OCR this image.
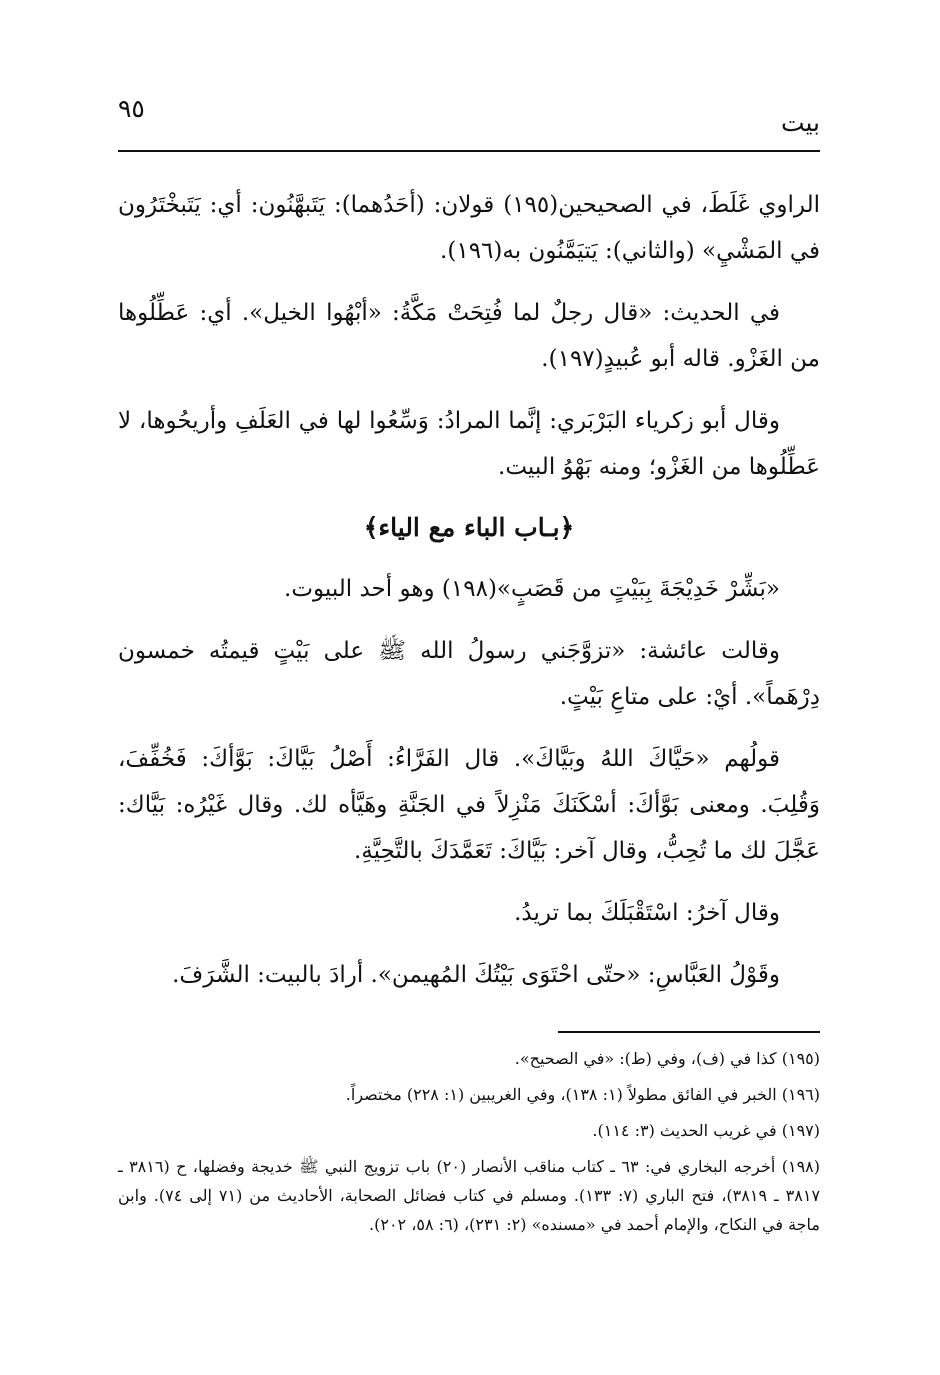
بيت
٩٥

الراوي غَلَطَ، في الصحيحين(١٩٥) قولان: (أحَدُهما): يَتَبهَّنُون: أي: يَتَبخْتَرُون في المَشْيِ» (والثاني): يَتيَمَّنُون به(١٩٦).

في الحديث: «قال رجلٌ لما فُتِحَتْ مَكَّةُ: «أبْهُوا الخيل». أي: عَطِّلُوها من الغَزْو. قاله أبو عُبيدٍ(١٩٧).

وقال أبو زكرياء البَرْبَري: إنَّما المرادُ: وَسِّعُوا لها في العَلَفِ وأريحُوها، لا عَطِّلُوها من الغَزْو؛ ومنه بَهْوُ البيت.

﴿بـاب الباء مع الياء﴾

«بَشِّرْ خَدِيْجَةَ بِبَيْتٍ من قَصَبٍ»(١٩٨) وهو أحد البيوت.

وقالت عائشة: «تزوَّجَني رسولُ الله ﷺ على بَيْتٍ قيمتُه خمسون دِرْهَماً». أيْ: على متاعِ بَيْتٍ.

قولُهم «حَيَّاكَ اللهُ وبَيَّاكَ». قال الفَرَّاءُ: أَصْلُ بَيَّاكَ: بَوَّأكَ: فَخُفِّفَ، وَقُلِبَ. ومعنى بَوَّأكَ: أسْكَنَكَ مَنْزِلاً في الجَنَّةِ وهَيَّأه لك. وقال غَيْرُه: بَيَّاك: عَجَّلَ لك ما تُحِبُّ، وقال آخر: بَيَّاكَ: تَعَمَّدَكَ بالتَّحِيَّةِ.

وقال آخرُ: اسْتَقْبَلَكَ بما تريدُ.

وقَوْلُ العَبَّاسِ: «حتّى احْتَوَى بَيْتُكَ المُهيمن». أرادَ بالبيت: الشَّرَفَ.

(١٩٥) كذا في (ف)، وفي (ط): «في الصحيح».

(١٩٦) الخبر في الفائق مطولاً (١: ١٣٨)، وفي الغريبين (١: ٢٢٨) مختصراً.

(١٩٧) في غريب الحديث (٣: ١١٤).

(١٩٨) أخرجه البخاري في: ٦٣ ـ كتاب مناقب الأنصار (٢٠) باب تزويج النبي ﷺ خديجة وفضلها، ح (٣٨١٦ ـ ٣٨١٧ ـ ٣٨١٩)، فتح الباري (٧: ١٣٣). ومسلم في كتاب فضائل الصحابة، الأحاديث من (٧١ إلى ٧٤). وابن ماجة في النكاح، والإمام أحمد في «مسنده» (٢: ٢٣١)، (٦: ٥٨، ٢٠٢).
